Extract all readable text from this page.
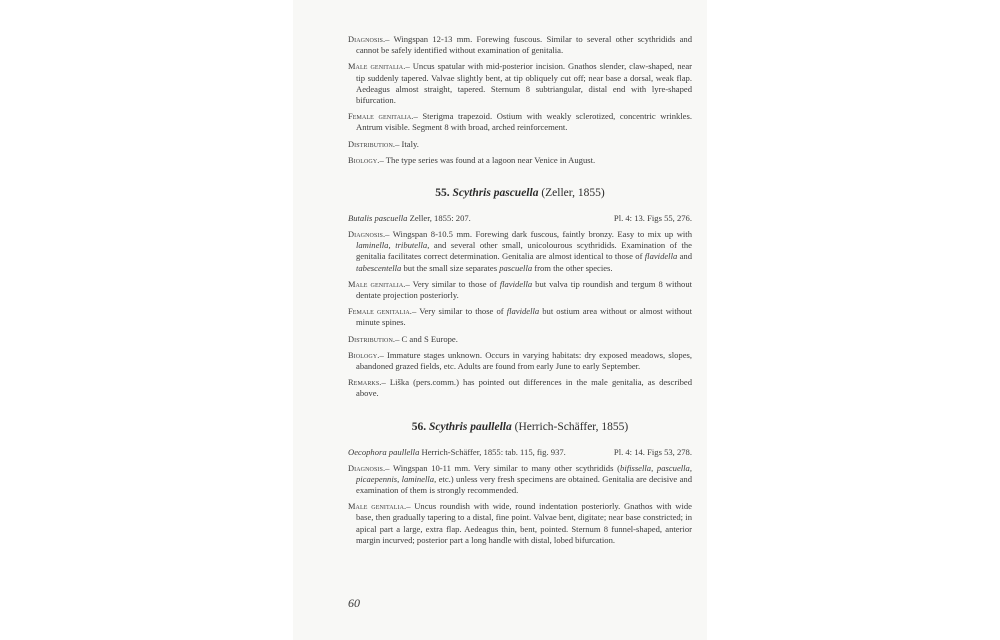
Diagnosis.– Wingspan 12-13 mm. Forewing fuscous. Similar to several other scythridids and cannot be safely identified without examination of genitalia.

Male genitalia.– Uncus spatular with mid-posterior incision. Gnathos slender, claw-shaped, near tip suddenly tapered. Valvae slightly bent, at tip obliquely cut off; near base a dorsal, weak flap. Aedeagus almost straight, tapered. Sternum 8 subtriangular, distal end with lyre-shaped bifurcation.

Female genitalia.– Sterigma trapezoid. Ostium with weakly sclerotized, concentric wrinkles. Antrum visible. Segment 8 with broad, arched reinforcement.

Distribution.– Italy.

Biology.– The type series was found at a lagoon near Venice in August.

55. Scythris pascuella (Zeller, 1855)
Butalis pascuella Zeller, 1855: 207.	Pl. 4: 13. Figs 55, 276.

Diagnosis.– Wingspan 8-10.5 mm. Forewing dark fuscous, faintly bronzy. Easy to mix up with laminella, tributella, and several other small, unicolourous scythridids. Examination of the genitalia facilitates correct determination. Genitalia are almost identical to those of flavidella and tabescentella but the small size separates pascuella from the other species.

Male genitalia.– Very similar to those of flavidella but valva tip roundish and tergum 8 without dentate projection posteriorly.

Female genitalia.– Very similar to those of flavidella but ostium area without or almost without minute spines.

Distribution.– C and S Europe.

Biology.– Immature stages unknown. Occurs in varying habitats: dry exposed meadows, slopes, abandoned grazed fields, etc. Adults are found from early June to early September.

Remarks.– Liška (pers.comm.) has pointed out differences in the male genitalia, as described above.

56. Scythris paullella (Herrich-Schäffer, 1855)
Oecophora paullella Herrich-Schäffer, 1855: tab. 115, fig. 937.	Pl. 4: 14. Figs 53, 278.

Diagnosis.– Wingspan 10-11 mm. Very similar to many other scythridids (bifissella, pascuella, picaepennis, laminella, etc.) unless very fresh specimens are obtained. Genitalia are decisive and examination of them is strongly recommended.

Male genitalia.– Uncus roundish with wide, round indentation posteriorly. Gnathos with wide base, then gradually tapering to a distal, fine point. Valvae bent, digitate; near base constricted; in apical part a large, extra flap. Aedeagus thin, bent, pointed. Sternum 8 funnel-shaped, anterior margin incurved; posterior part a long handle with distal, lobed bifurcation.

60
